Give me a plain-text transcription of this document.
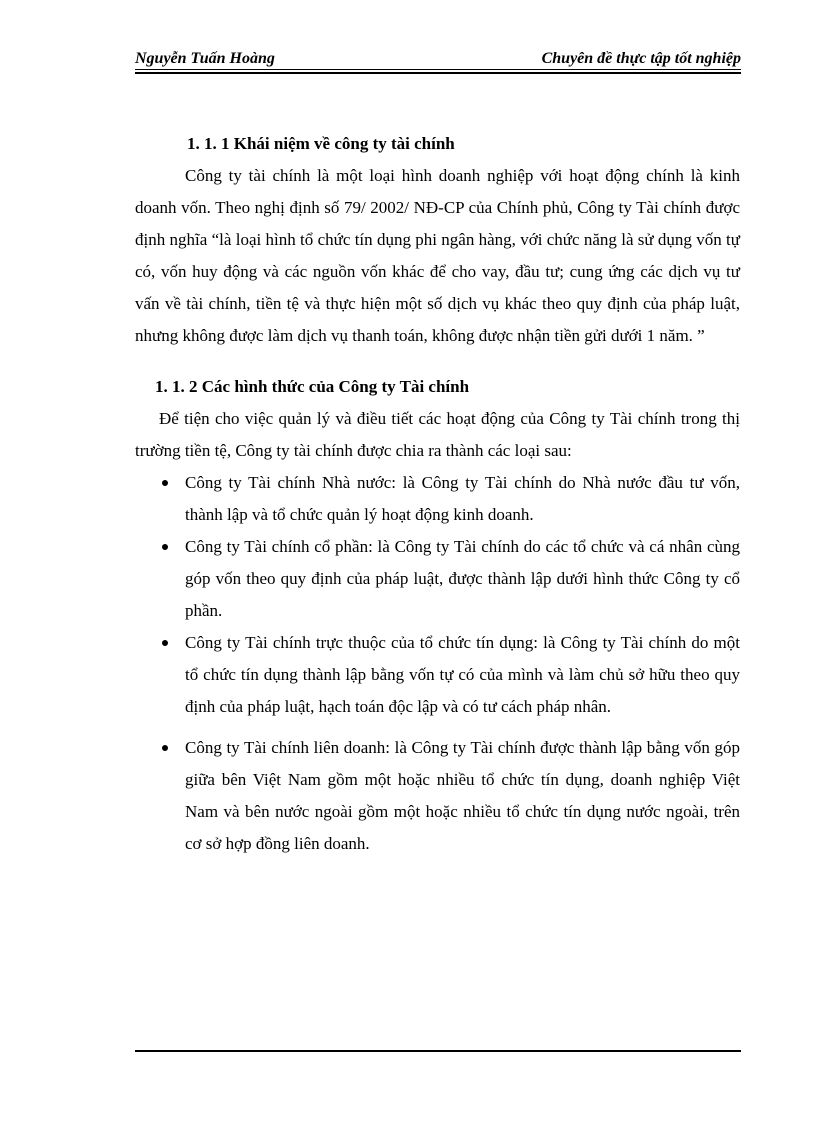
Nguyễn Tuấn Hoàng	Chuyên đề thực tập tốt nghiệp
1. 1. 1 Khái niệm về công ty tài chính

Công ty tài chính là một loại hình doanh nghiệp với hoạt động chính là kinh doanh vốn. Theo nghị định số 79/ 2002/ NĐ-CP của Chính phủ, Công ty Tài chính được định nghĩa “là loại hình tổ chức tín dụng phi ngân hàng, với chức năng là sử dụng vốn tự có, vốn huy động và các nguồn vốn khác để cho vay, đầu tư; cung ứng các dịch vụ tư vấn về tài chính, tiền tệ và thực hiện một số dịch vụ khác theo quy định của pháp luật, nhưng không được làm dịch vụ thanh toán, không được nhận tiền gửi dưới 1 năm. ”

1. 1. 2 Các hình thức của Công ty Tài chính

Để tiện cho việc quản lý và điều tiết các hoạt động của Công ty Tài chính trong thị trường tiền tệ, Công ty tài chính được chia ra thành các loại sau:

Công ty Tài chính Nhà nước: là Công ty Tài chính do Nhà nước đầu tư vốn, thành lập và tổ chức quản lý hoạt động kinh doanh.
Công ty Tài chính cổ phần: là Công ty Tài chính do các tổ chức và cá nhân cùng góp vốn theo quy định của pháp luật, được thành lập dưới hình thức Công ty cổ phần.
Công ty Tài chính trực thuộc của tổ chức tín dụng: là Công ty Tài chính do một tổ chức tín dụng thành lập bằng vốn tự có của mình và làm chủ sở hữu theo quy định của pháp luật, hạch toán độc lập và có tư cách pháp nhân.
Công ty Tài chính liên doanh: là Công ty Tài chính được thành lập bằng vốn góp giữa bên Việt Nam gồm một hoặc nhiều tổ chức tín dụng, doanh nghiệp Việt Nam và bên nước ngoài gồm một hoặc nhiều tổ chức tín dụng nước ngoài, trên cơ sở hợp đồng liên doanh.
